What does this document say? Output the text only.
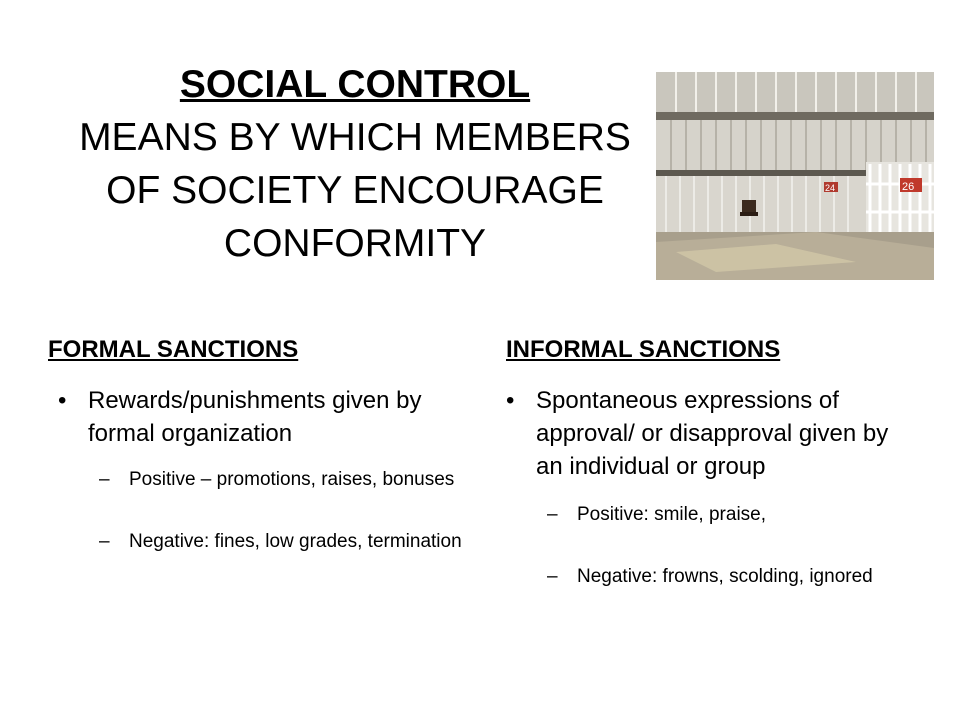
SOCIAL CONTROL
MEANS BY WHICH MEMBERS OF SOCIETY ENCOURAGE CONFORMITY
24	26
FORMAL SANCTIONS	INFORMAL SANCTIONS
• Rewards/punishments given by formal organization
– Positive – promotions, raises, bonuses
– Negative: fines, low grades, termination
• Spontaneous expressions of approval/ or disapproval given by an individual or group
– Positive: smile, praise,
– Negative: frowns, scolding, ignored
